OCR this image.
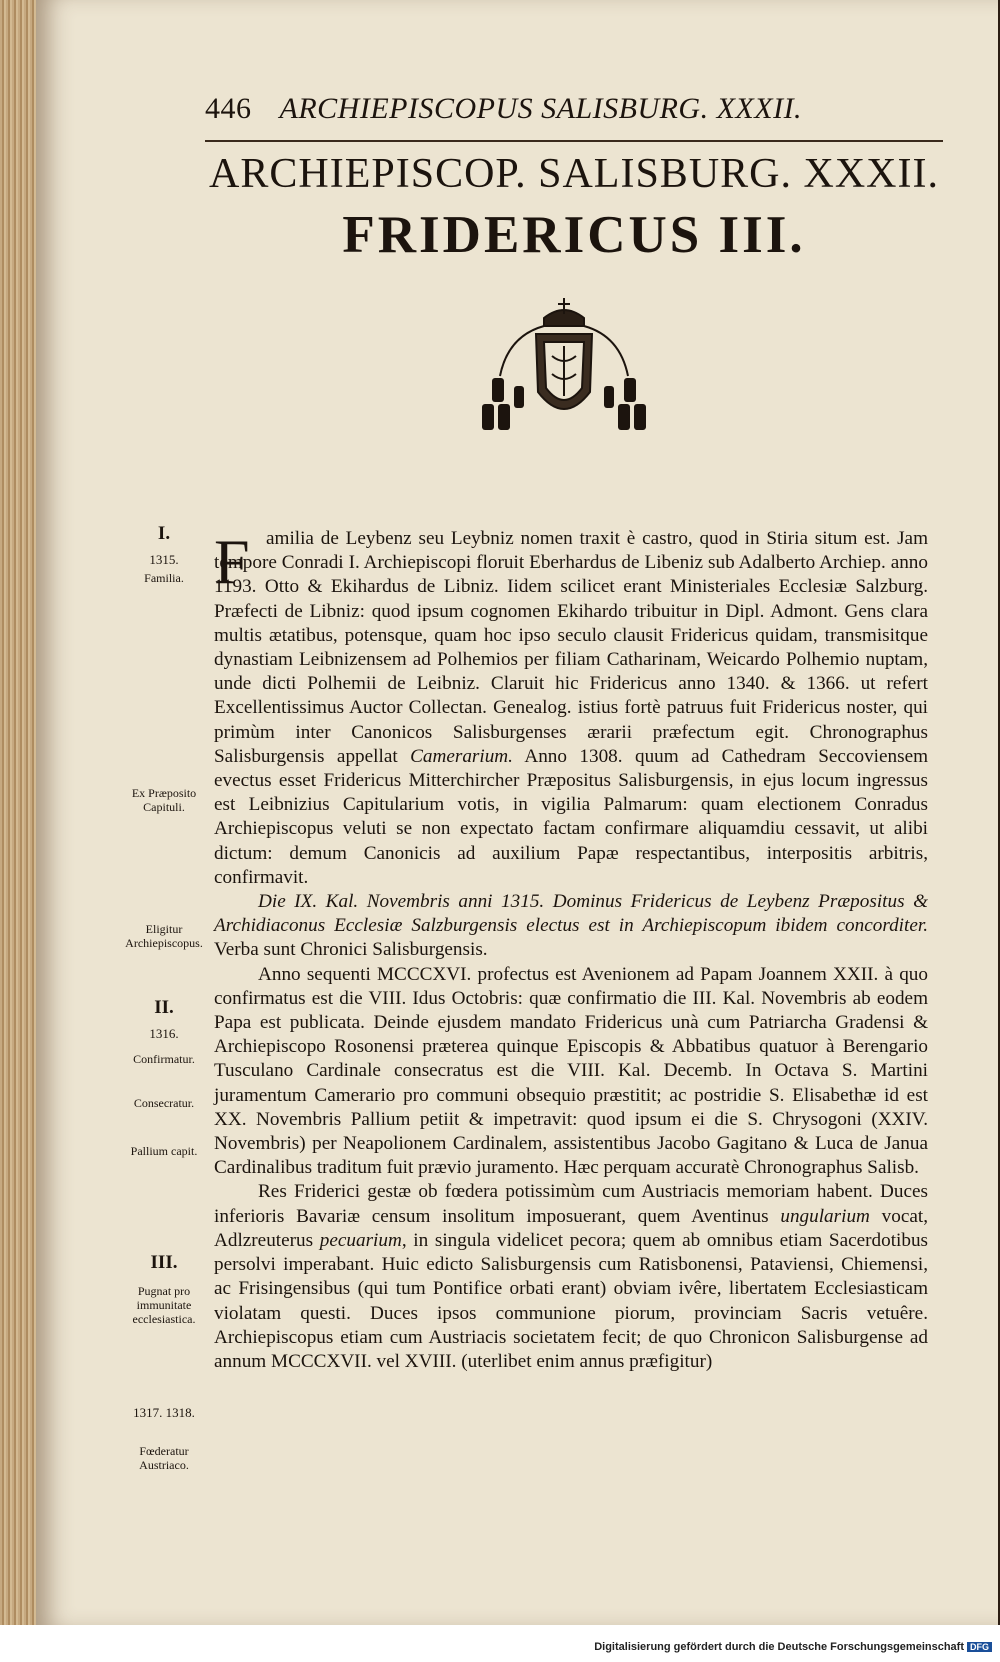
446 ARCHIEPISCOPUS SALISBURG. XXXII.
ARCHIEPISCOP. SALISBURG. XXXII.
FRIDERICUS III.
F amilia de Leybenz seu Leybniz nomen traxit è castro, quod in Stiria situm est. Jam tempore Conradi I. Archiepiscopi floruit Eberhardus de Libeniz sub Adalberto Archiep. anno 1193. Otto & Ekihardus de Libniz. Iidem scilicet erant Ministeriales Ecclesiæ Salzburg. Præfecti de Libniz: quod ipsum cognomen Ekihardo tribuitur in Dipl. Admont. Gens clara multis ætatibus, potensque, quam hoc ipso seculo clausit Fridericus quidam, transmisitque dynastiam Leibnizensem ad Polhemios per filiam Catharinam, Weicardo Polhemio nuptam, unde dicti Polhemii de Leibniz. Claruit hic Fridericus anno 1340. & 1366. ut refert Excellentissimus Auctor Collectan. Genealog. istius fortè patruus fuit Fridericus noster, qui primùm inter Canonicos Salisburgenses ærarii præfectum egit. Chronographus Salisburgensis appellat Camerarium. Anno 1308. quum ad Cathedram Seccoviensem evectus esset Fridericus Mitterchircher Præpositus Salisburgensis, in ejus locum ingressus est Leibnizius Capitularium votis, in vigilia Palmarum: quam electionem Conradus Archiepiscopus veluti se non expectato factam confirmare aliquamdiu cessavit, ut alibi dictum: demum Canonicis ad auxilium Papæ respectantibus, interpositis arbitris, confirmavit.

Die IX. Kal. Novembris anni 1315. Dominus Fridericus de Leybenz Præpositus & Archidiaconus Ecclesiæ Salzburgensis electus est in Archiepiscopum ibidem concorditer. Verba sunt Chronici Salisburgensis.

Anno sequenti MCCCXVI. profectus est Avenionem ad Papam Joannem XXII. à quo confirmatus est die VIII. Idus Octobris: quæ confirmatio die III. Kal. Novembris ab eodem Papa est publicata. Deinde ejusdem mandato Fridericus unà cum Patriarcha Gradensi & Archiepiscopo Rosonensi præterea quinque Episcopis & Abbatibus quatuor à Berengario Tusculano Cardinale consecratus est die VIII. Kal. Decemb. In Octava S. Martini juramentum Camerario pro communi obsequio præstitit; ac postridie S. Elisabethæ id est XX. Novembris Pallium petiit & impetravit: quod ipsum ei die S. Chrysogoni (XXIV. Novembris) per Neapolionem Cardinalem, assistentibus Jacobo Gagitano & Luca de Janua Cardinalibus traditum fuit prævio juramento. Hæc perquam accuratè Chronographus Salisb.

Res Friderici gestæ ob fœdera potissimùm cum Austriacis memoriam habent. Duces inferioris Bavariæ censum insolitum imposuerant, quem Aventinus ungularium vocat, Adlzreuterus pecuarium, in singula videlicet pecora; quem ab omnibus etiam Sacerdotibus persolvi imperabant. Huic edicto Salisburgensis cum Ratisbonensi, Pataviensi, Chiemensi, ac Frisingensibus (qui tum Pontifice orbati erant) obviam ivêre, libertatem Ecclesiasticam violatam questi. Duces ipsos communione piorum, provinciam Sacris vetuêre. Archiepiscopus etiam cum Austriacis societatem fecit; de quo Chronicon Salisburgense ad annum MCCCXVII. vel XVIII. (uterlibet enim annus præfigitur)

I.
1315.
Familia.
Ex Præposito Capituli.
Eligitur Archiepiscopus.
II.
1316.
Confirmatur.
Consecratur.
Pallium capit.
III.
Pugnat pro immunitate ecclesiastica.
1317. 1318.
Fœderatur Austriaco.
Digitalisierung gefördert durch die Deutsche Forschungsgemeinschaft DFG
